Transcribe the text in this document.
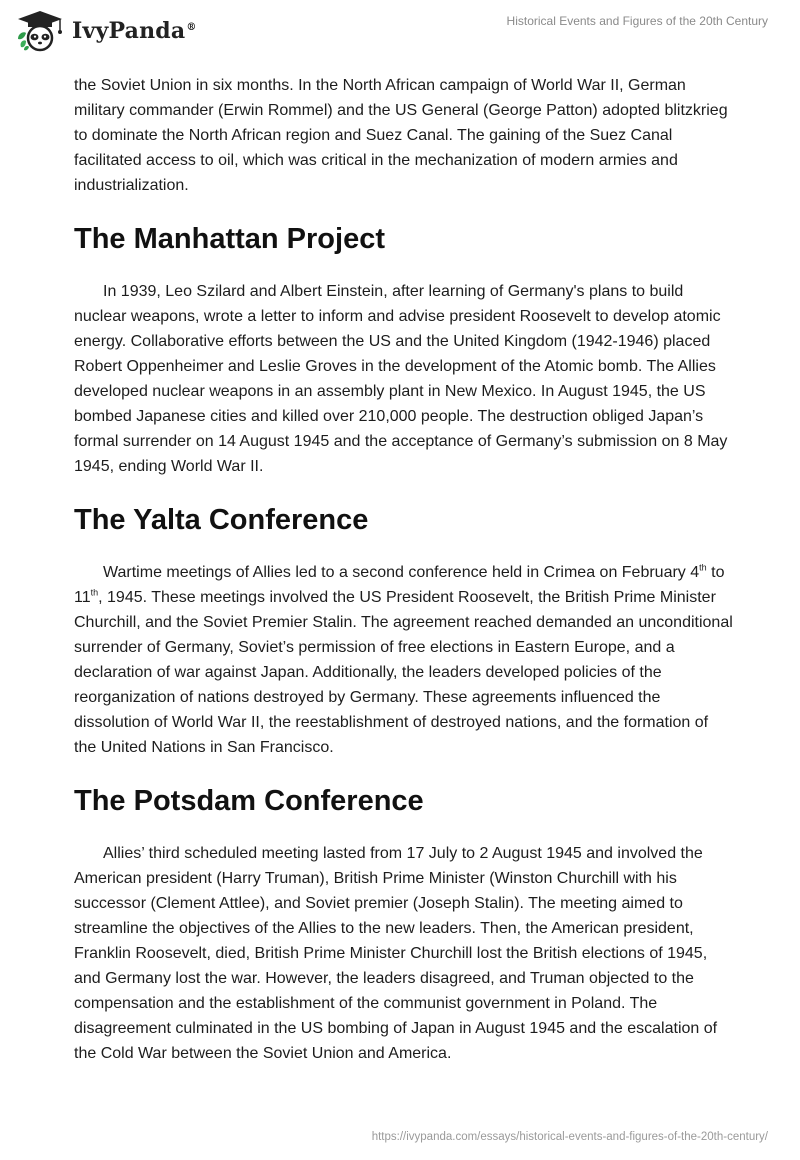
IvyPanda®	Historical Events and Figures of the 20th Century

the Soviet Union in six months. In the North African campaign of World War II, German military commander (Erwin Rommel) and the US General (George Patton) adopted blitzkrieg to dominate the North African region and Suez Canal. The gaining of the Suez Canal facilitated access to oil, which was critical in the mechanization of modern armies and industrialization.

The Manhattan Project

In 1939, Leo Szilard and Albert Einstein, after learning of Germany's plans to build nuclear weapons, wrote a letter to inform and advise president Roosevelt to develop atomic energy. Collaborative efforts between the US and the United Kingdom (1942-1946) placed Robert Oppenheimer and Leslie Groves in the development of the Atomic bomb. The Allies developed nuclear weapons in an assembly plant in New Mexico. In August 1945, the US bombed Japanese cities and killed over 210,000 people. The destruction obliged Japan’s formal surrender on 14 August 1945 and the acceptance of Germany’s submission on 8 May 1945, ending World War II.

The Yalta Conference

Wartime meetings of Allies led to a second conference held in Crimea on February 4th to 11th, 1945. These meetings involved the US President Roosevelt, the British Prime Minister Churchill, and the Soviet Premier Stalin. The agreement reached demanded an unconditional surrender of Germany, Soviet’s permission of free elections in Eastern Europe, and a declaration of war against Japan. Additionally, the leaders developed policies of the reorganization of nations destroyed by Germany. These agreements influenced the dissolution of World War II, the reestablishment of destroyed nations, and the formation of the United Nations in San Francisco.

The Potsdam Conference

Allies’ third scheduled meeting lasted from 17 July to 2 August 1945 and involved the American president (Harry Truman), British Prime Minister (Winston Churchill with his successor (Clement Attlee), and Soviet premier (Joseph Stalin). The meeting aimed to streamline the objectives of the Allies to the new leaders. Then, the American president, Franklin Roosevelt, died, British Prime Minister Churchill lost the British elections of 1945, and Germany lost the war. However, the leaders disagreed, and Truman objected to the compensation and the establishment of the communist government in Poland. The disagreement culminated in the US bombing of Japan in August 1945 and the escalation of the Cold War between the Soviet Union and America.

https://ivypanda.com/essays/historical-events-and-figures-of-the-20th-century/
